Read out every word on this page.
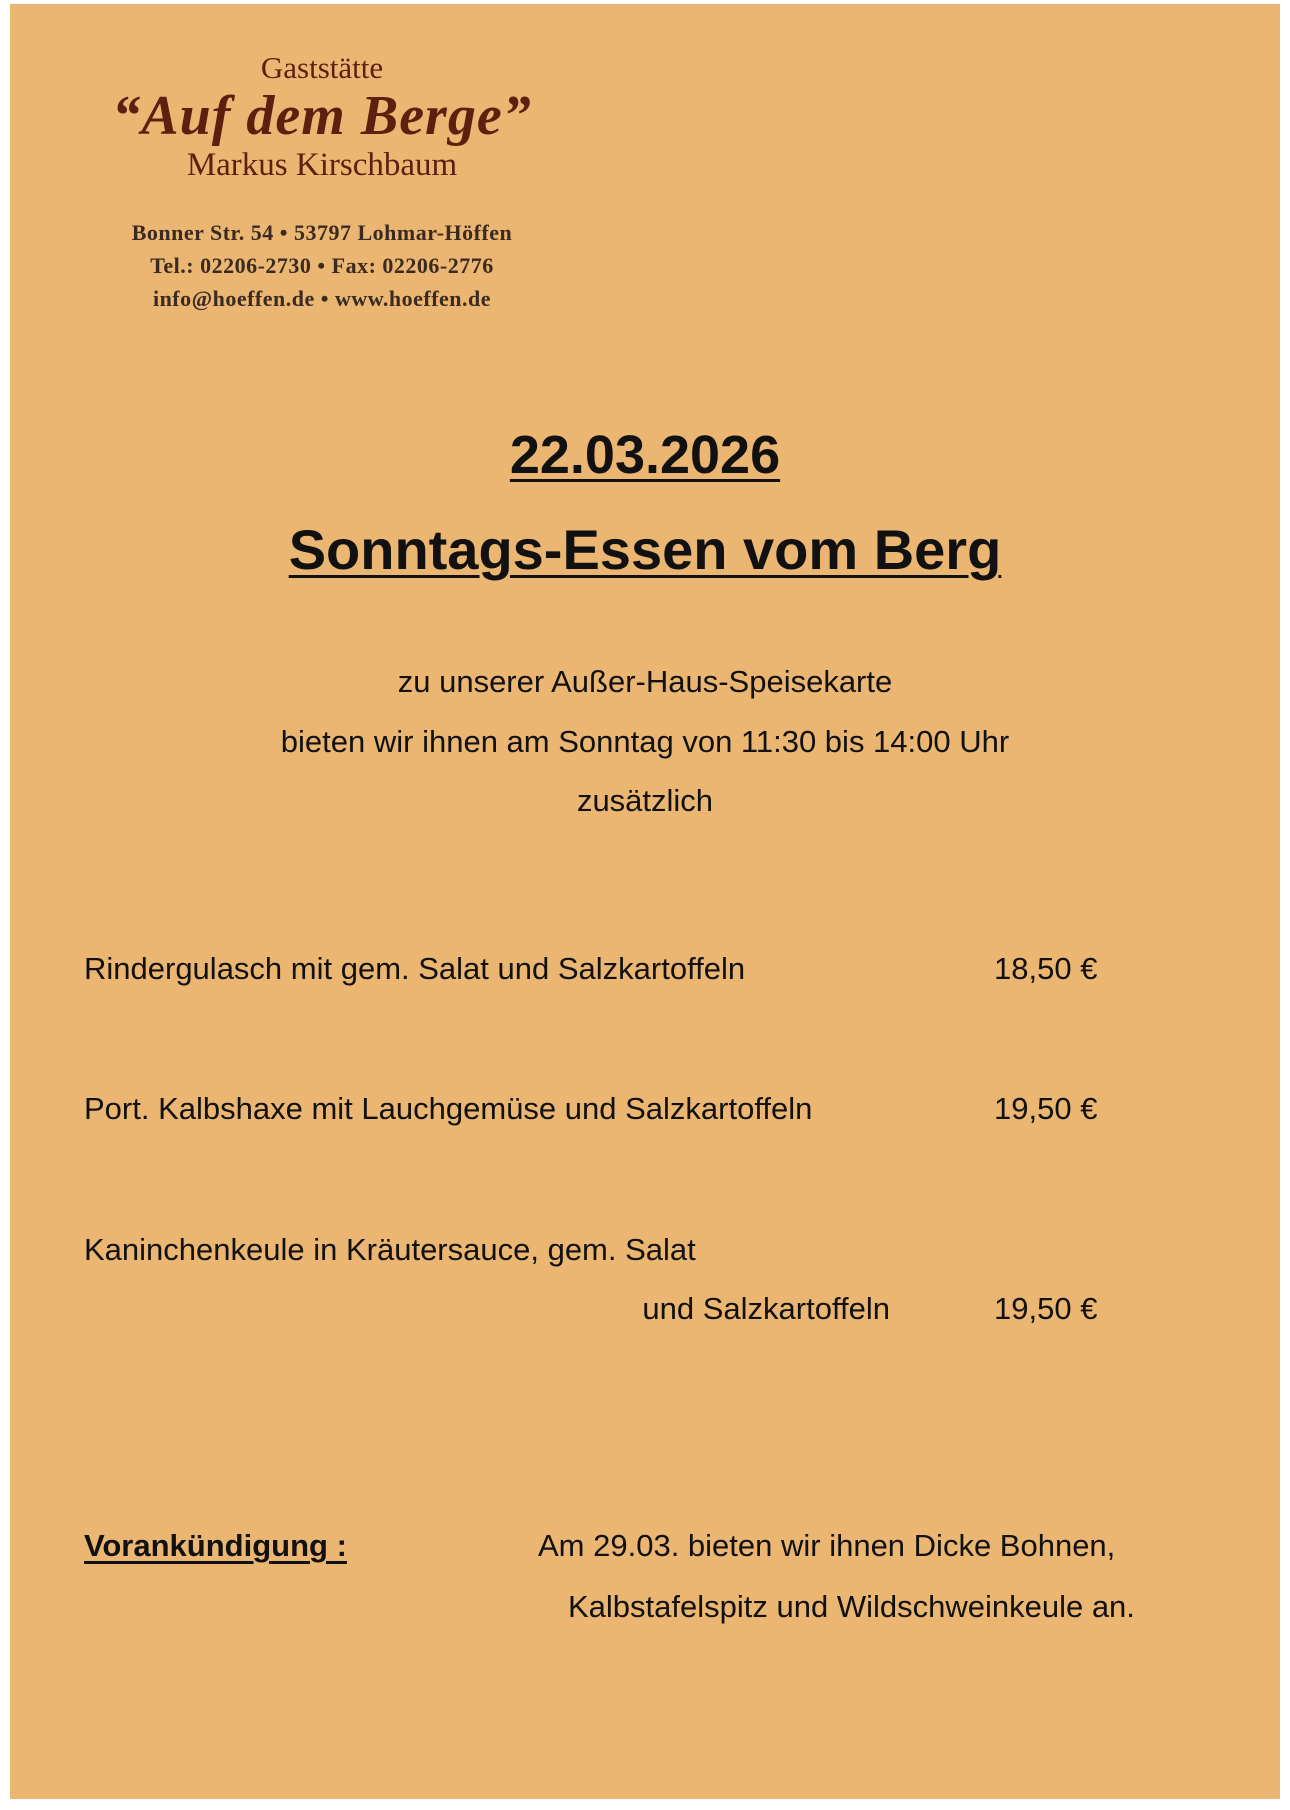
Gaststätte
“Auf dem Berge”
Markus Kirschbaum
Bonner Str. 54 • 53797 Lohmar-Höffen
Tel.: 02206-2730 • Fax: 02206-2776
info@hoeffen.de • www.hoeffen.de
22.03.2026
Sonntags-Essen vom Berg
zu unserer Außer-Haus-Speisekarte
bieten wir ihnen am Sonntag von 11:30 bis 14:00 Uhr
zusätzlich
Rindergulasch mit gem. Salat und Salzkartoffeln	18,50 €
Port. Kalbshaxe mit Lauchgemüse und Salzkartoffeln	19,50 €
Kaninchenkeule in Kräutersauce, gem. Salat
und Salzkartoffeln	19,50 €
Vorankündigung :	Am 29.03. bieten wir ihnen Dicke Bohnen,
Kalbstafelspitz und Wildschweinkeule an.
